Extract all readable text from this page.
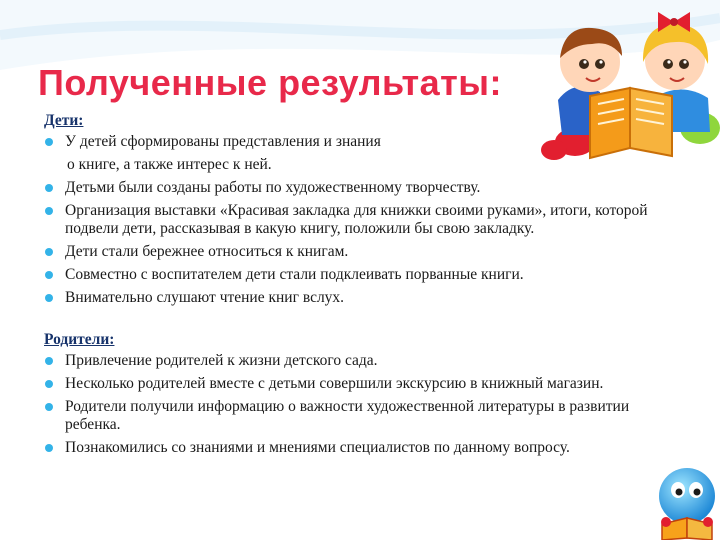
Полученные результаты:
Дети:
У детей сформированы представления и знания
о книге, а также интерес к ней.
Детьми были созданы работы по художественному творчеству.
Организация выставки «Красивая закладка для книжки своими руками», итоги, которой подвели дети, рассказывая в какую книгу, положили бы свою закладку.
Дети стали бережнее относиться к книгам.
Совместно с воспитателем дети стали подклеивать порванные книги.
Внимательно слушают чтение книг вслух.
Родители:
Привлечение родителей к жизни детского сада.
Несколько родителей вместе с детьми совершили экскурсию в книжный магазин.
Родители получили информацию о важности художественной литературы в развитии ребенка.
Познакомились со знаниями и мнениями специалистов по данному вопросу.
